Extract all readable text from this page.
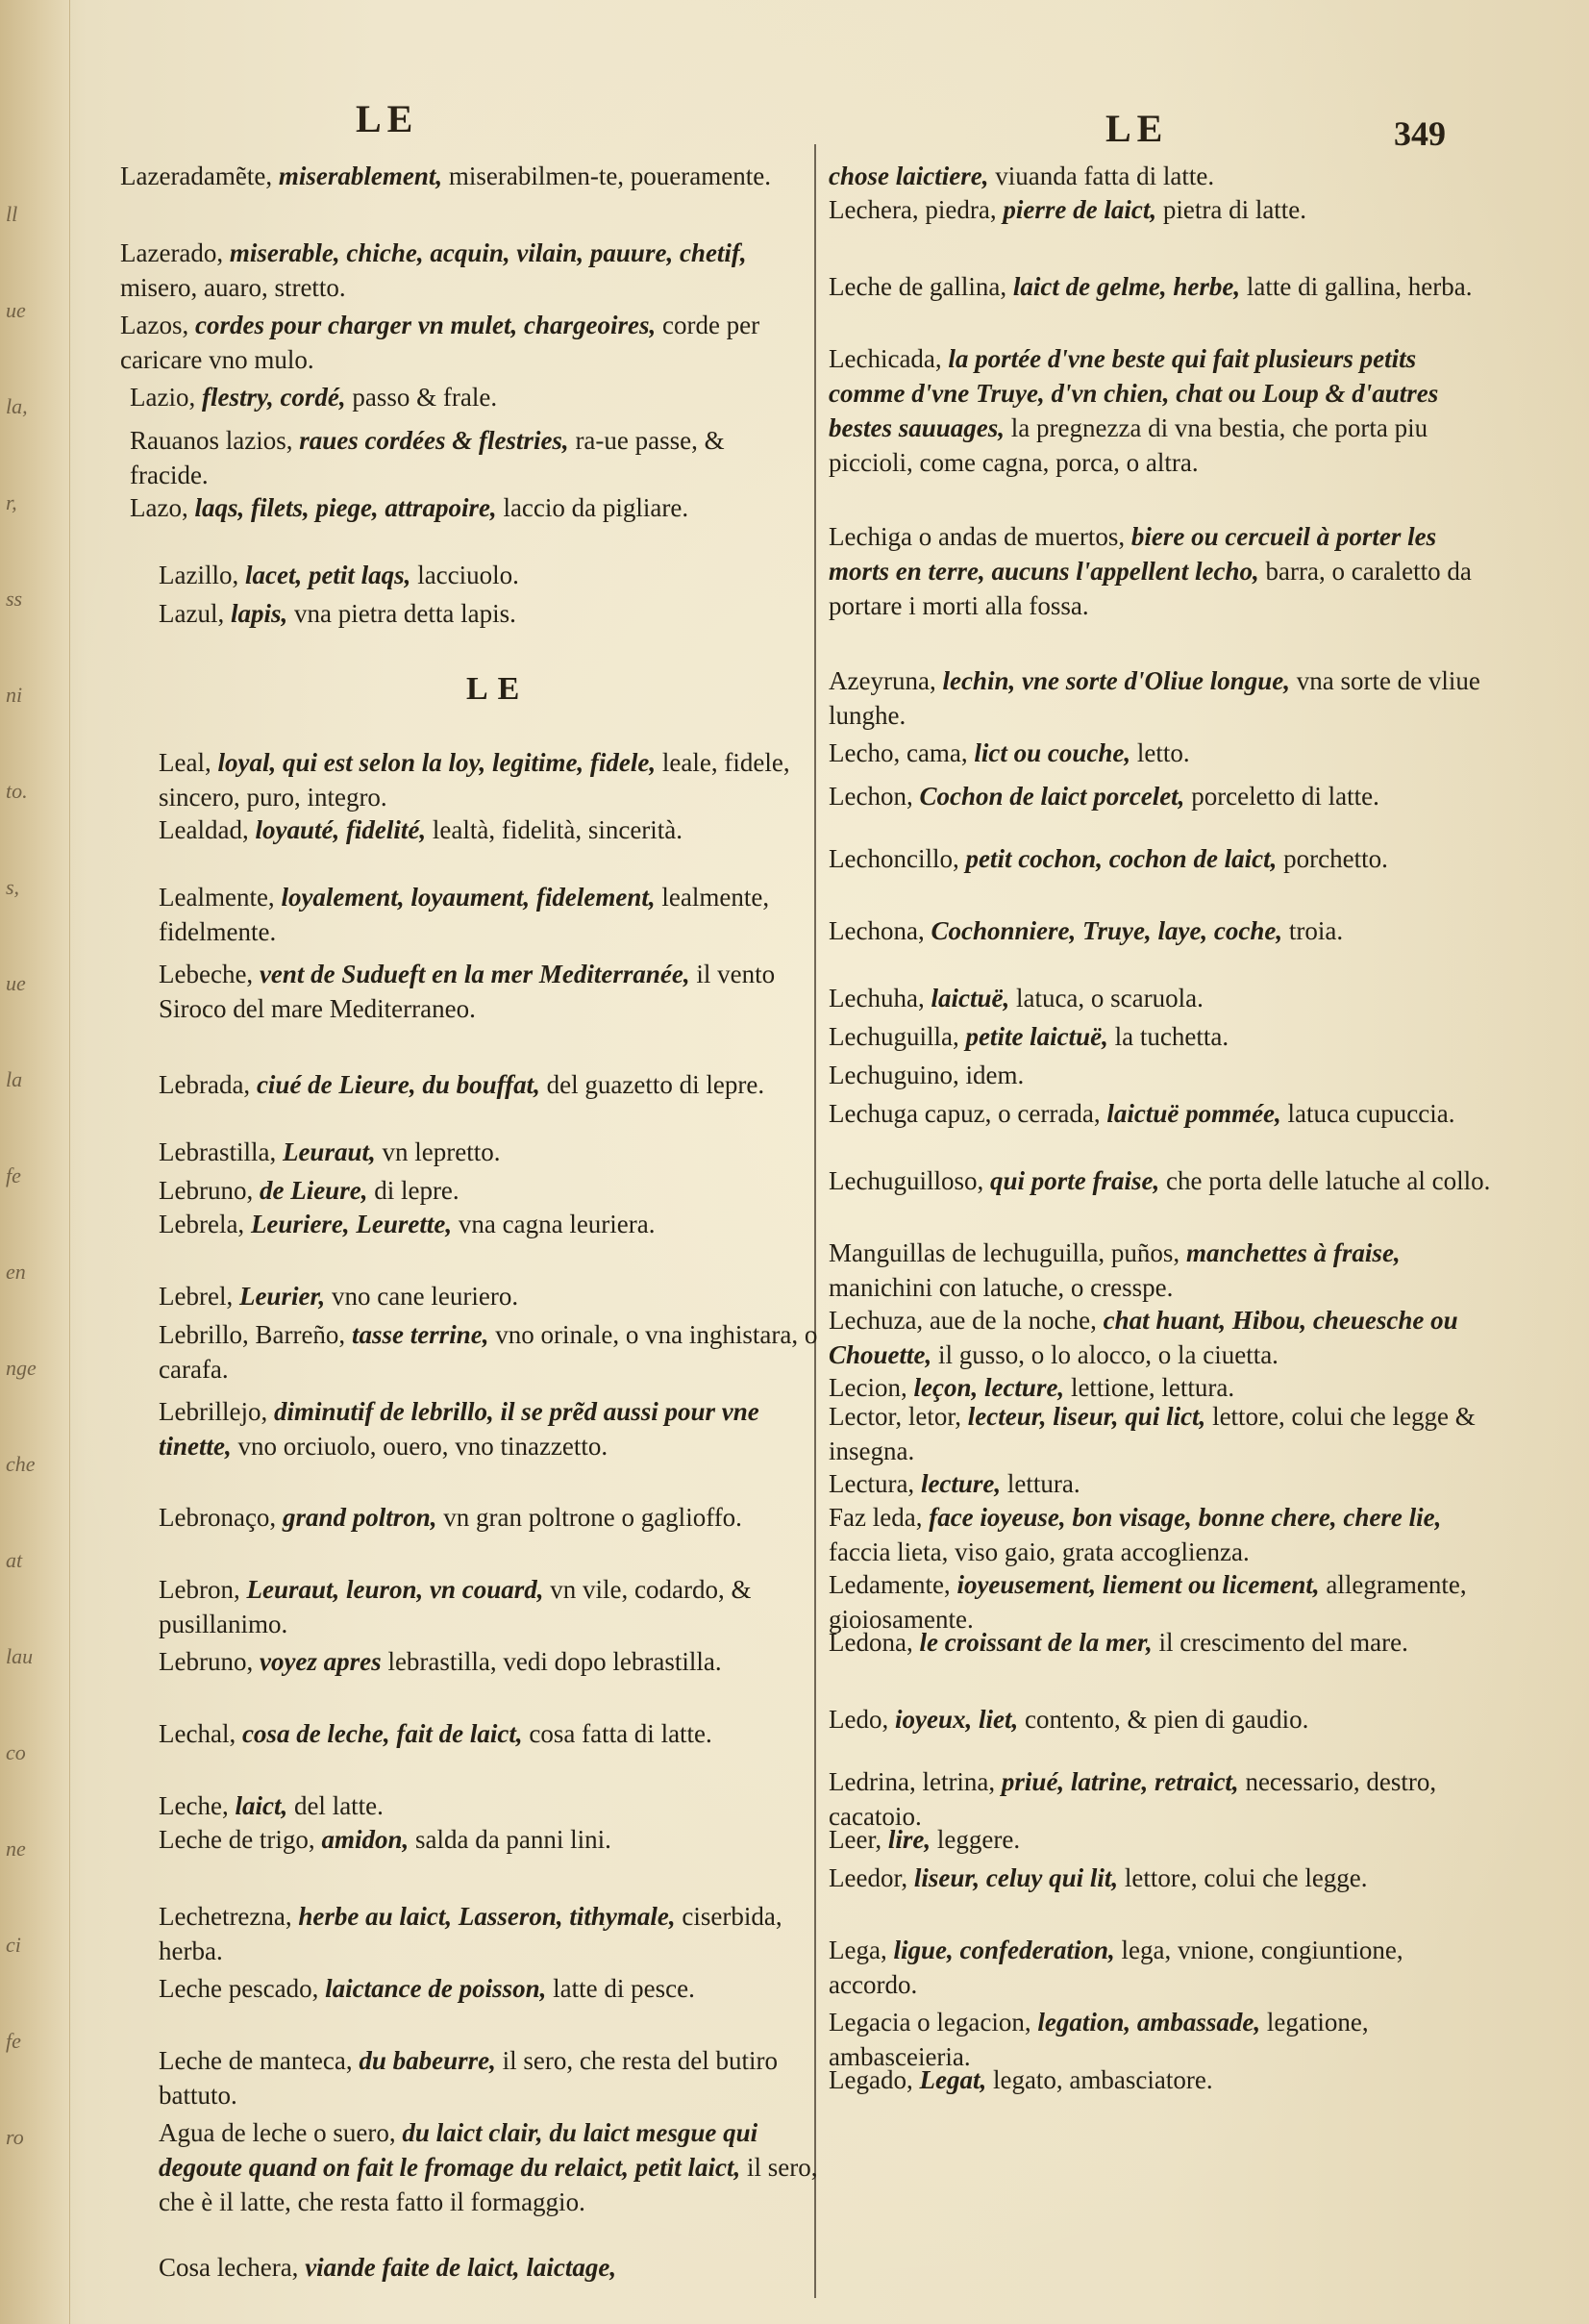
LE	LE	349
LE
Lazeradamẽte, miserablement, miserabilmen-te, poueramente.
Lazerado, miserable, chiche, acquin, vilain, pauure, chetif, misero, auaro, stretto.
Lazos, cordes pour charger vn mulet, chargeoires, corde per caricare vno mulo.
Lazio, flestry, cordé, passo & frale.
Rauanos lazios, raues cordées & flestries, ra-ue passe, & fracide.
Lazo, laqs, filets, piege, attrapoire, laccio da pigliare.
Lazillo, lacet, petit laqs, lacciuolo.
Lazul, lapis, vna pietra detta lapis.
Leal, loyal, qui est selon la loy, legitime, fidele, leale, fidele, sincero, puro, integro.
Lealdad, loyauté, fidelité, lealtà, fidelità, sincerità.
Lealmente, loyalement, loyaument, fidelement, lealmente, fidelmente.
Lebeche, vent de Sudueft en la mer Mediterranée, il vento Siroco del mare Mediterraneo.
Lebrada, ciué de Lieure, du bouffat, del guazetto di lepre.
Lebrastilla, Leuraut, vn lepretto.
Lebruno, de Lieure, di lepre.
Lebrela, Leuriere, Leurette, vna cagna leuriera.
Lebrel, Leurier, vno cane leuriero.
Lebrillo, Barreño, tasse terrine, vno orinale, o vna inghistara, o carafa.
Lebrillejo, diminutif de lebrillo, il se prẽd aussi pour vne tinette, vno orciuolo, ouero, vno tinazzetto.
Lebronaço, grand poltron, vn gran poltrone o gaglioffo.
Lebron, Leuraut, leuron, vn couard, vn vile, codardo, & pusillanimo.
Lebruno, voyez apres lebrastilla, vedi dopo lebrastilla.
Lechal, cosa de leche, fait de laict, cosa fatta di latte.
Leche, laict, del latte.
Leche de trigo, amidon, salda da panni lini.
Lechetrezna, herbe au laict, Lasseron, tithymale, ciserbida, herba.
Leche pescado, laictance de poisson, latte di pesce.
Leche de manteca, du babeurre, il sero, che resta del butiro battuto.
Agua de leche o suero, du laict clair, du laict mesgue qui degoute quand on fait le fromage du relaict, petit laict, il sero, che è il latte, che resta fatto il formaggio.
Cosa lechera, viande faite de laict, laictage,
chose laictiere, viuanda fatta di latte.
Lechera, piedra, pierre de laict, pietra di latte.
Leche de gallina, laict de gelme, herbe, latte di gallina, herba.
Lechicada, la portée d'vne beste qui fait plusieurs petits comme d'vne Truye, d'vn chien, chat ou Loup & d'autres bestes sauuages, la pregnezza di vna bestia, che porta piu piccioli, come cagna, porca, o altra.
Lechiga o andas de muertos, biere ou cercueil à porter les morts en terre, aucuns l'appellent lecho, barra, o caraletto da portare i morti alla fossa.
Azeyruna, lechin, vne sorte d'Oliue longue, vna sorte de vliue lunghe.
Lecho, cama, lict ou couche, letto.
Lechon, Cochon de laict porcelet, porceletto di latte.
Lechoncillo, petit cochon, cochon de laict, porchetto.
Lechona, Cochonniere, Truye, laye, coche, troia.
Lechuha, laictuë, latuca, o scaruola.
Lechuguilla, petite laictuë, la tuchetta.
Lechuguino, idem.
Lechuga capuz, o cerrada, laictuë pommée, latuca cupuccia.
Lechuguilloso, qui porte fraise, che porta delle latuche al collo.
Manguillas de lechuguilla, puños, manchettes à fraise, manichini con latuche, o cresspe.
Lechuza, aue de la noche, chat huant, Hibou, cheuesche ou Chouette, il gusso, o lo alocco, o la ciuetta.
Lecion, leçon, lecture, lettione, lettura.
Lector, letor, lecteur, liseur, qui lict, lettore, colui che legge & insegna.
Lectura, lecture, lettura.
Faz leda, face ioyeuse, bon visage, bonne chere, chere lie, faccia lieta, viso gaio, grata accoglienza.
Ledamente, ioyeusement, liement ou licement, allegramente, gioiosamente.
Ledona, le croissant de la mer, il crescimento del mare.
Ledo, ioyeux, liet, contento, & pien di gaudio.
Ledrina, letrina, priué, latrine, retraict, necessario, destro, cacatoio.
Leer, lire, leggere.
Leedor, liseur, celuy qui lit, lettore, colui che legge.
Lega, ligue, confederation, lega, vnione, congiuntione, accordo.
Legacia o legacion, legation, ambassade, legatione, ambasceieria.
Legado, Legat, legato, ambasciatore.
ll
ue
la,
r,
ss
ni
to.
s,
ue
la
fe
en
nge
che
at
lau
co
ne
ci
fe
ro
